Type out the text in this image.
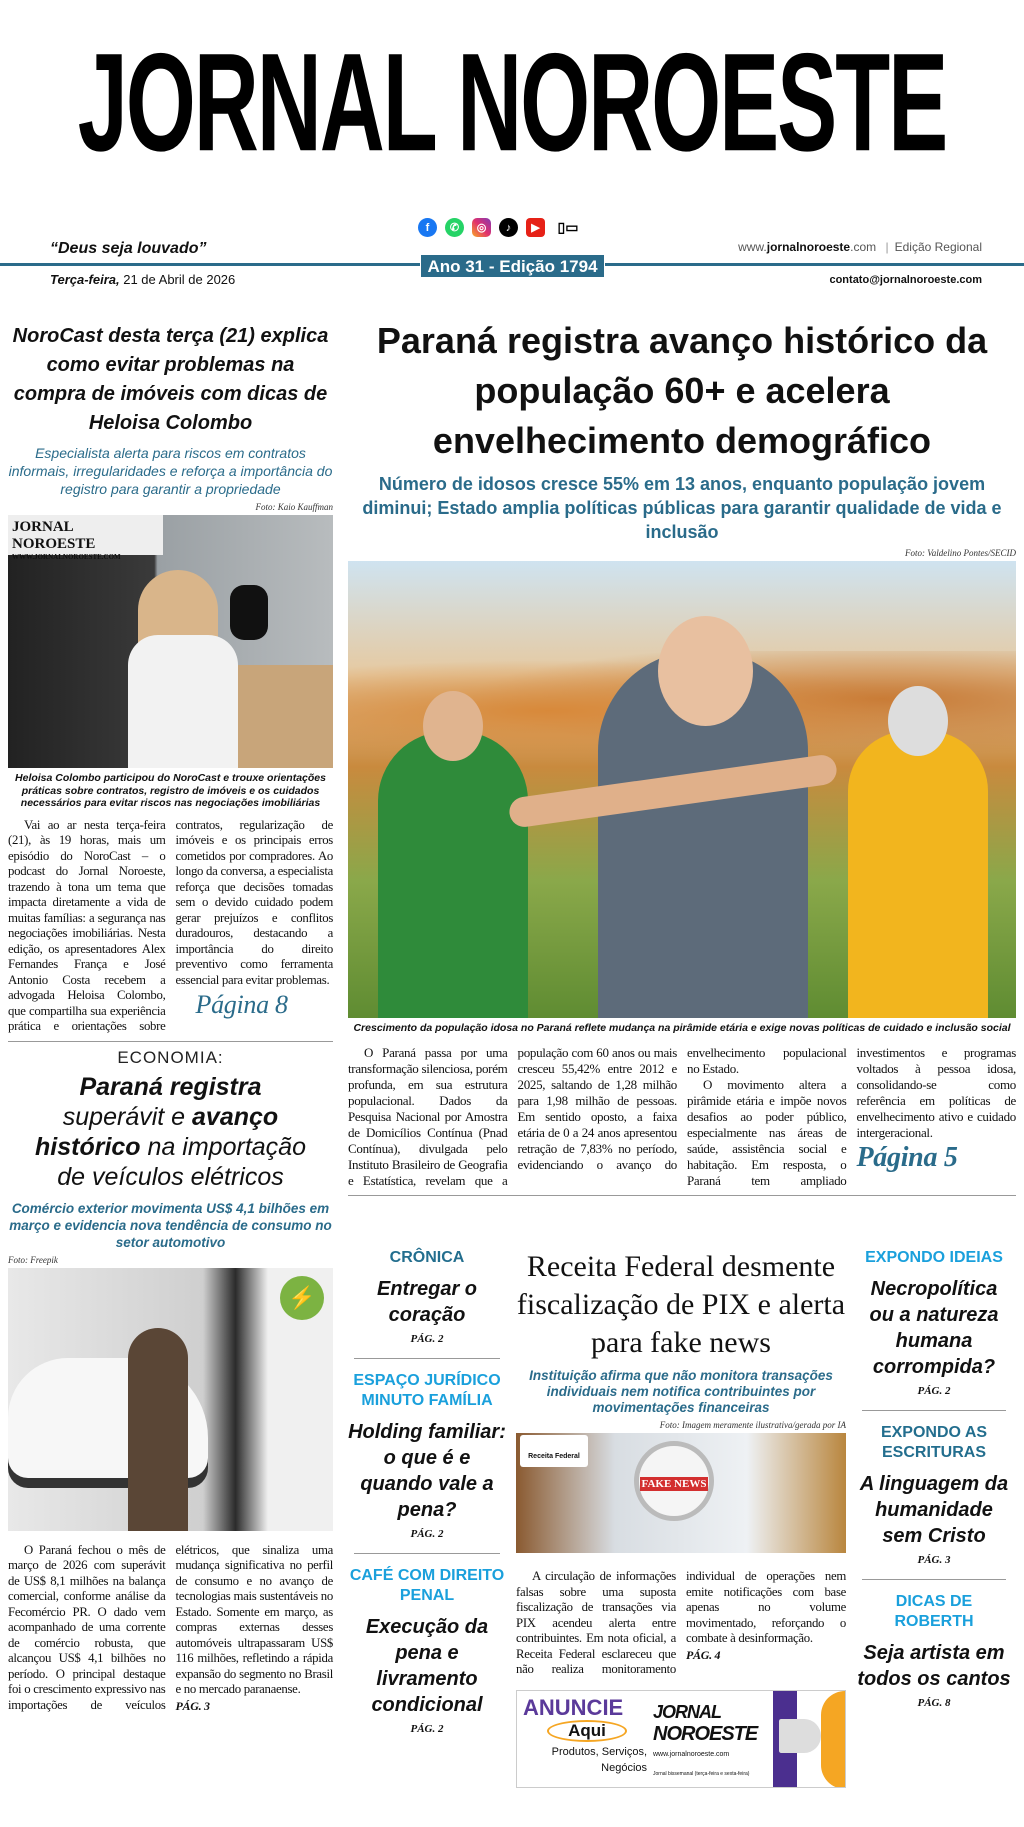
JORNAL NOROESTE
f	✆	◎	♪	▶	▯▭
“Deus seja louvado”	www.jornalnoroeste.com | Edição Regional
Ano 31 - Edição 1794
Terça-feira, 21 de Abril de 2026	contato@jornalnoroeste.com
NoroCast desta terça (21) explica como evitar problemas na compra de imóveis com dicas de Heloisa Colombo
Especialista alerta para riscos em contratos informais, irregularidades e reforça a importância do registro para garantir a propriedade
Foto: Kaio Kauffman
JORNAL NOROESTE
WWW.JORNALNOROESTE.COM
Heloisa Colombo participou do NoroCast e trouxe orientações práticas sobre contratos, registro de imóveis e os cuidados necessários para evitar riscos nas negociações imobiliárias

Vai ao ar nesta terça-feira (21), às 19 horas, mais um episódio do NoroCast – o podcast do Jornal Noroeste, trazendo à tona um tema que impacta diretamente a vida de muitas famílias: a segurança nas negociações imobiliárias. Nesta edição, os apresentadores Alex Fernandes França e José Antonio Costa recebem a advogada Heloisa Colombo, que compartilha sua experiência prática e orientações sobre contratos, regularização de imóveis e os principais erros cometidos por compradores. Ao longo da conversa, a especialista reforça que decisões tomadas sem o devido cuidado podem gerar prejuízos e conflitos duradouros, destacando a importância do direito preventivo como ferramenta essencial para evitar problemas.

Página 8
ECONOMIA:
Paraná registra
superávit e avanço
histórico na importação
de veículos elétricos
Comércio exterior movimenta US$ 4,1 bilhões em março e evidencia nova tendência de consumo no setor automotivo
Foto: Freepik
⚡

O Paraná fechou o mês de março de 2026 com superávit de US$ 8,1 milhões na balança comercial, conforme análise da Fecomércio PR. O dado vem acompanhado de uma corrente de comércio robusta, que alcançou US$ 4,1 bilhões no período. O principal destaque foi o crescimento expressivo nas importações de veículos elétricos, que sinaliza uma mudança significativa no perfil de consumo e no avanço de tecnologias mais sustentáveis no Estado. Somente em março, as compras externas desses automóveis ultrapassaram US$ 116 milhões, refletindo a rápida expansão do segmento no Brasil e no mercado paranaense.

PÁG. 3
Paraná registra avanço histórico da população 60+ e acelera envelhecimento demográfico
Número de idosos cresce 55% em 13 anos, enquanto população jovem diminui; Estado amplia políticas públicas para garantir qualidade de vida e inclusão
Foto: Valdelino Pontes/SECID
Crescimento da população idosa no Paraná reflete mudança na pirâmide etária e exige novas políticas de cuidado e inclusão social

O Paraná passa por uma transformação silenciosa, porém profunda, em sua estrutura populacional. Dados da Pesquisa Nacional por Amostra de Domicílios Contínua (Pnad Contínua), divulgada pelo Instituto Brasileiro de Geografia e Estatística, revelam que a população com 60 anos ou mais cresceu 55,42% entre 2012 e 2025, saltando de 1,28 milhão para 1,98 milhão de pessoas. Em sentido oposto, a faixa etária de 0 a 24 anos apresentou retração de 7,83% no período, evidenciando o avanço do envelhecimento populacional no Estado.

O movimento altera a pirâmide etária e impõe novos desafios ao poder público, especialmente nas áreas de saúde, assistência social e habitação. Em resposta, o Paraná tem ampliado investimentos e programas voltados à pessoa idosa, consolidando-se como referência em políticas de envelhecimento ativo e cuidado intergeracional.

Página 5
CRÔNICA
Entregar o coração
PÁG. 2
ESPAÇO JURÍDICO MINUTO FAMÍLIA
Holding familiar: o que é e quando vale a pena?
PÁG. 2
CAFÉ COM DIREITO PENAL
Execução da pena e livramento condicional
PÁG. 2
Receita Federal desmente fiscalização de PIX e alerta para fake news
Instituição afirma que não monitora transações individuais nem notifica contribuintes por movimentações financeiras
Foto: Imagem meramente ilustrativa/gerada por IA
Receita Federal
FAKE NEWS

A circulação de informações falsas sobre uma suposta fiscalização de transações via PIX acendeu alerta entre contribuintes. Em nota oficial, a Receita Federal esclareceu que não realiza monitoramento individual de operações nem emite notificações com base apenas no volume movimentado, reforçando o combate à desinformação.

PÁG. 4
ANUNCIE
Aqui
Produtos, Serviços,
Negócios
JORNAL
NOROESTE
www.jornalnoroeste.com
Jornal bissemanal (terça-feira e sexta-feira)
EXPONDO IDEIAS
Necropolítica ou a natureza humana corrompida?
PÁG. 2
EXPONDO AS ESCRITURAS
A linguagem da humanidade sem Cristo
PÁG. 3
DICAS DE ROBERTH
Seja artista em todos os cantos
PÁG. 8
